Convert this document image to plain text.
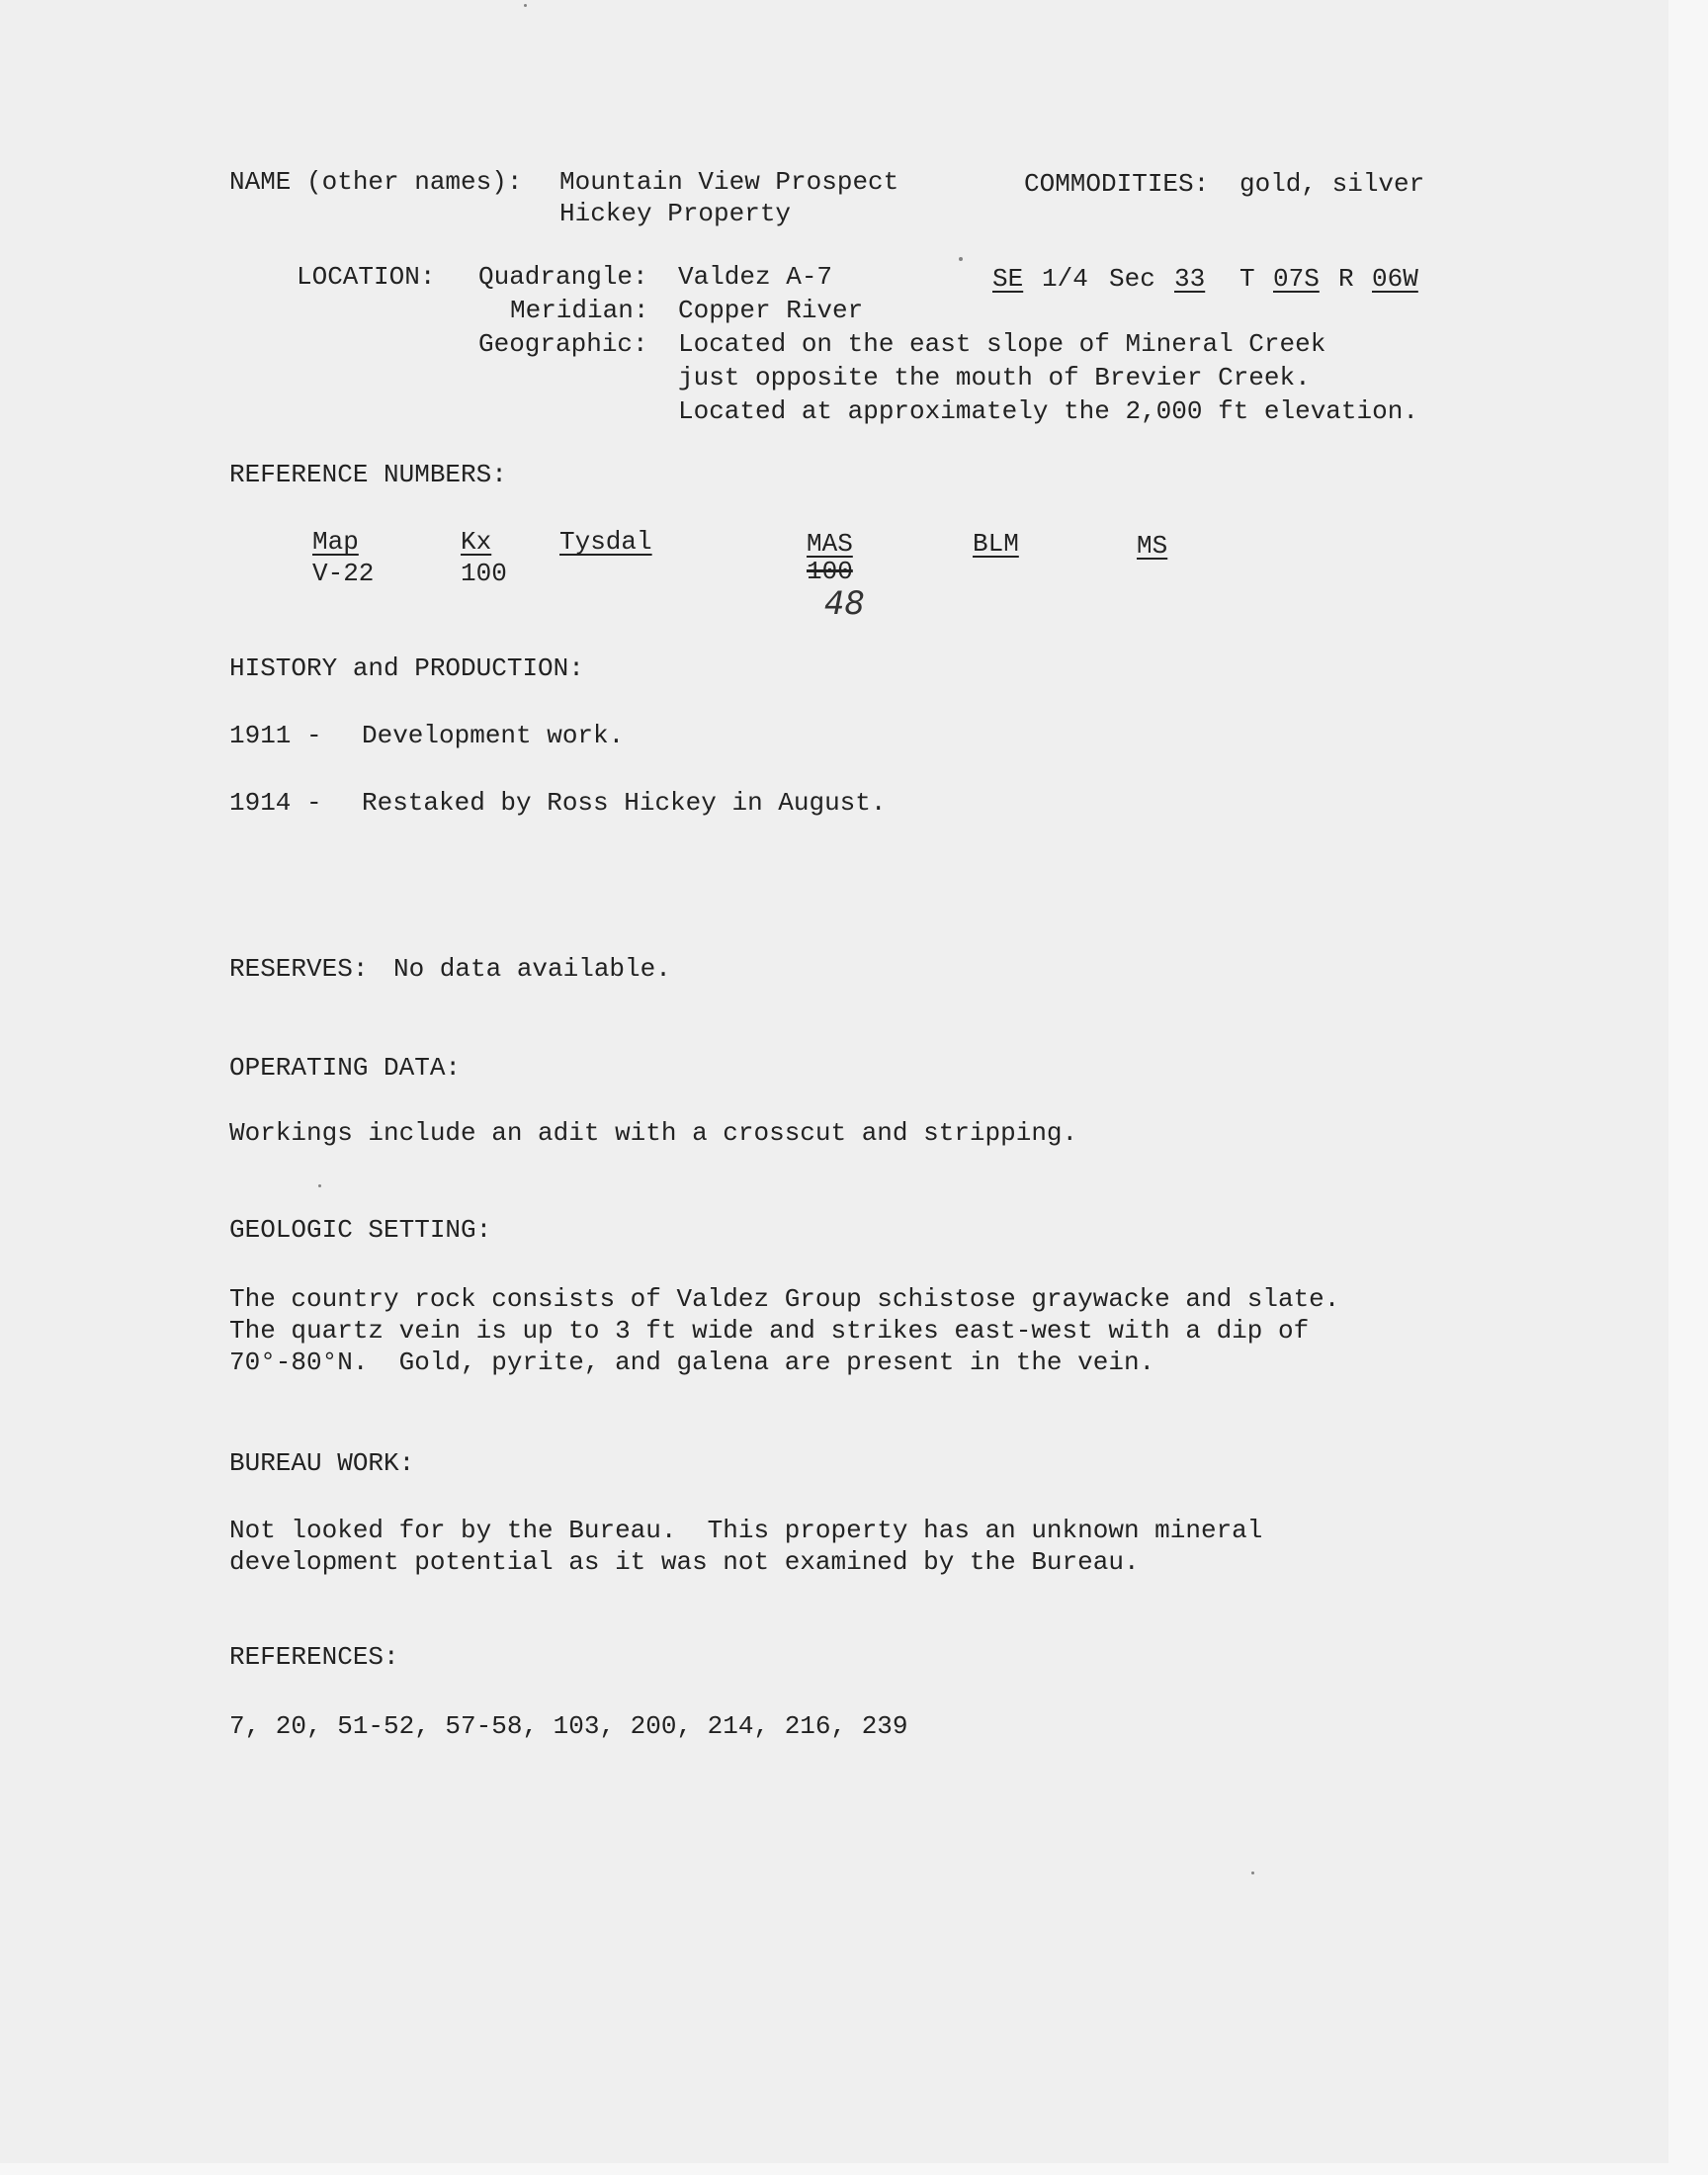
NAME (other names): Mountain View Prospect
Hickey Property
COMMODITIES: gold, silver
LOCATION: Quadrangle: Valdez A-7
Meridian: Copper River
Geographic: Located on the east slope of Mineral Creek
just opposite the mouth of Brevier Creek.
Located at approximately the 2,000 ft elevation.
SE 1/4 Sec 33 T 07S R 06W
REFERENCE NUMBERS:
Map
V-22
Kx
100
Tysdal	MAS
100
48
BLM	MS
HISTORY and PRODUCTION:
1911 - Development work.
1914 - Restaked by Ross Hickey in August.
RESERVES: No data available.
OPERATING DATA:
Workings include an adit with a crosscut and stripping.
GEOLOGIC SETTING:
The country rock consists of Valdez Group schistose graywacke and slate.
The quartz vein is up to 3 ft wide and strikes east-west with a dip of
70°-80°N.  Gold, pyrite, and galena are present in the vein.
BUREAU WORK:
Not looked for by the Bureau.  This property has an unknown mineral
development potential as it was not examined by the Bureau.
REFERENCES:
7, 20, 51-52, 57-58, 103, 200, 214, 216, 239
